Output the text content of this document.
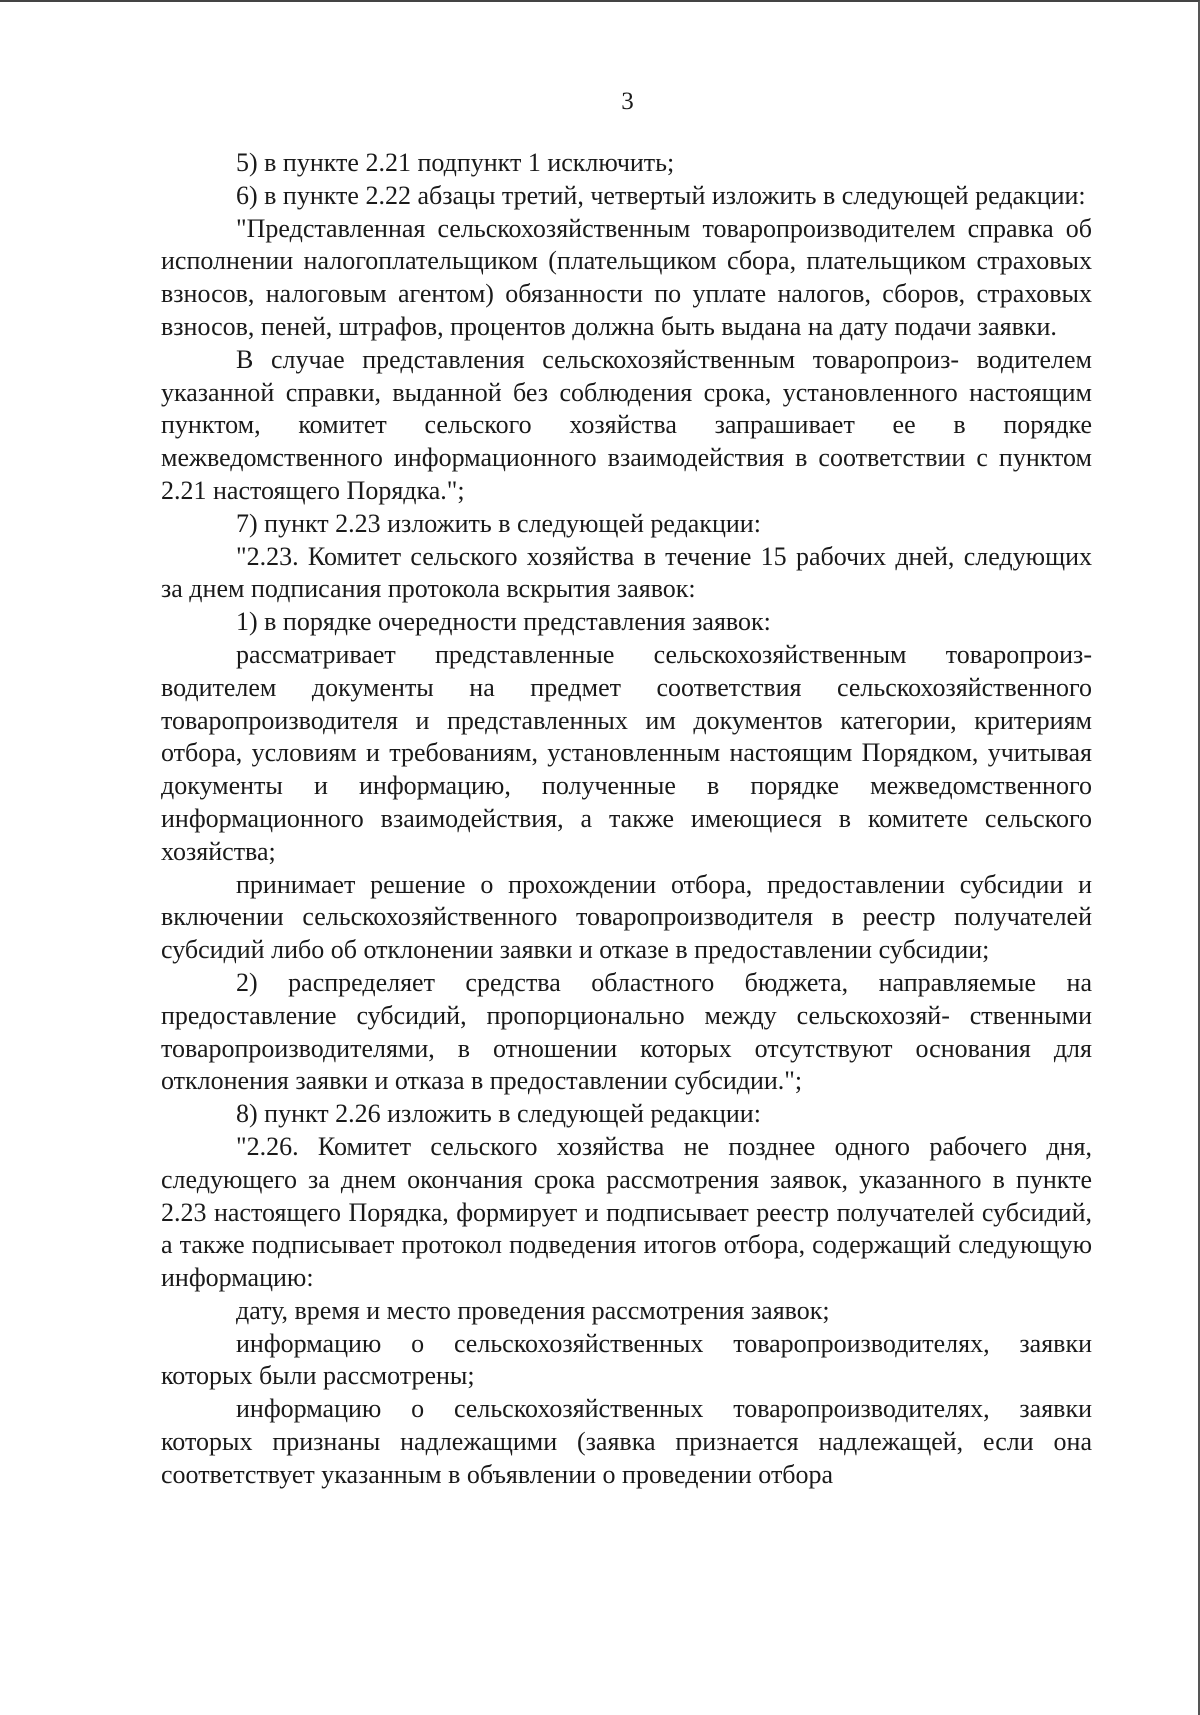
3

5) в пункте 2.21 подпункт 1 исключить;

6) в пункте 2.22 абзацы третий, четвертый изложить в следующей редакции:

"Представленная сельскохозяйственным товаропроизводителем справка об исполнении налогоплательщиком (плательщиком сбора, плательщиком страховых взносов, налоговым агентом) обязанности по уплате налогов, сборов, страховых взносов, пеней, штрафов, процентов должна быть выдана на дату подачи заявки.

В случае представления сельскохозяйственным товаропроиз- водителем указанной справки, выданной без соблюдения срока, установленного настоящим пунктом, комитет сельского хозяйства запрашивает ее в порядке межведомственного информационного взаимодействия в соответствии с пунктом 2.21 настоящего Порядка.";

7) пункт 2.23 изложить в следующей редакции:

"2.23. Комитет сельского хозяйства в течение 15 рабочих дней, следующих за днем подписания протокола вскрытия заявок:

1) в порядке очередности представления заявок:

рассматривает представленные сельскохозяйственным товаропроиз- водителем документы на предмет соответствия сельскохозяйственного товаропроизводителя и представленных им документов категории, критериям отбора, условиям и требованиям, установленным настоящим Порядком, учитывая документы и информацию, полученные в порядке межведомственного информационного взаимодействия, а также имеющиеся в комитете сельского хозяйства;

принимает решение о прохождении отбора, предоставлении субсидии и включении сельскохозяйственного товаропроизводителя в реестр получателей субсидий либо об отклонении заявки и отказе в предоставлении субсидии;

2) распределяет средства областного бюджета, направляемые на предоставление субсидий, пропорционально между сельскохозяй- ственными товаропроизводителями, в отношении которых отсутствуют основания для отклонения заявки и отказа в предоставлении субсидии.";

8) пункт 2.26 изложить в следующей редакции:

"2.26. Комитет сельского хозяйства не позднее одного рабочего дня, следующего за днем окончания срока рассмотрения заявок, указанного в пункте 2.23 настоящего Порядка, формирует и подписывает реестр получателей субсидий, а также подписывает протокол подведения итогов отбора, содержащий следующую информацию:

дату, время и место проведения рассмотрения заявок;

информацию о сельскохозяйственных товаропроизводителях, заявки которых были рассмотрены;

информацию о сельскохозяйственных товаропроизводителях, заявки которых признаны надлежащими (заявка признается надлежащей, если она соответствует указанным в объявлении о проведении отбора
